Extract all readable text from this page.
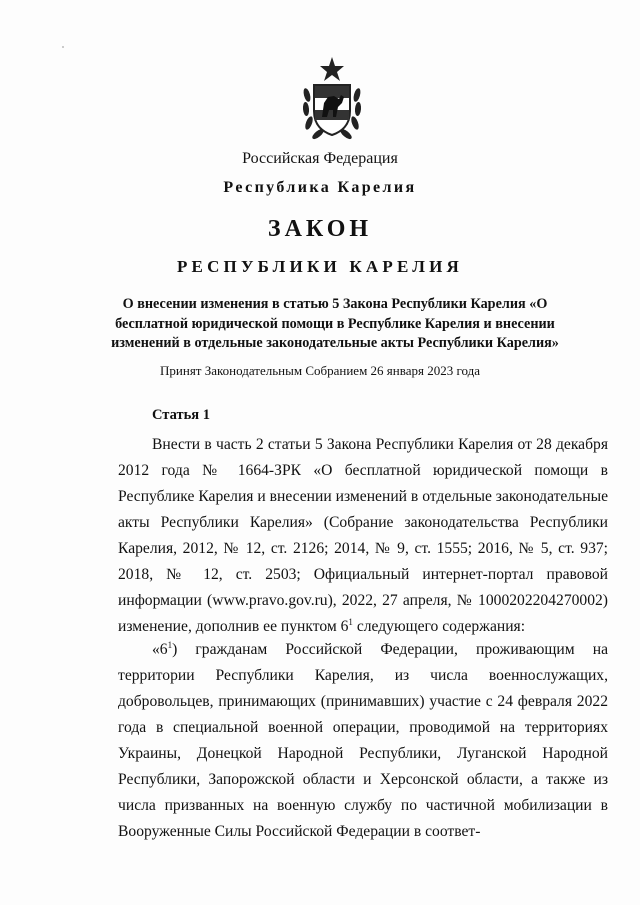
Российская Федерация
Республика Карелия
ЗАКОН
РЕСПУБЛИКИ КАРЕЛИЯ
О внесении изменения в статью 5 Закона Республики Карелия «О бесплатной юридической помощи в Республике Карелия и внесении изменений в отдельные законодательные акты Республики Карелия»
Принят Законодательным Собранием 26 января 2023 года
Статья 1

Внести в часть 2 статьи 5 Закона Республики Карелия от 28 декабря 2012 года № 1664-ЗРК «О бесплатной юридической помощи в Республике Карелия и внесении изменений в отдельные законодательные акты Республики Карелия» (Собрание законодательства Республики Карелия, 2012, № 12, ст. 2126; 2014, № 9, ст. 1555; 2016, № 5, ст. 937; 2018, № 12, ст. 2503; Официальный интернет-портал правовой информации (www.pravo.gov.ru), 2022, 27 апреля, № 1000202204270002) изменение, дополнив ее пунктом $6^1$ следующего содержания:

«$6^1$) гражданам Российской Федерации, проживающим на территории Республики Карелия, из числа военнослужащих, добровольцев, принимающих (принимавших) участие с 24 февраля 2022 года в специальной военной операции, проводимой на территориях Украины, Донецкой Народной Республики, Луганской Народной Республики, Запорожской области и Херсонской области, а также из числа призванных на военную службу по частичной мобилизации в Вооруженные Силы Российской Федерации в соответ-
